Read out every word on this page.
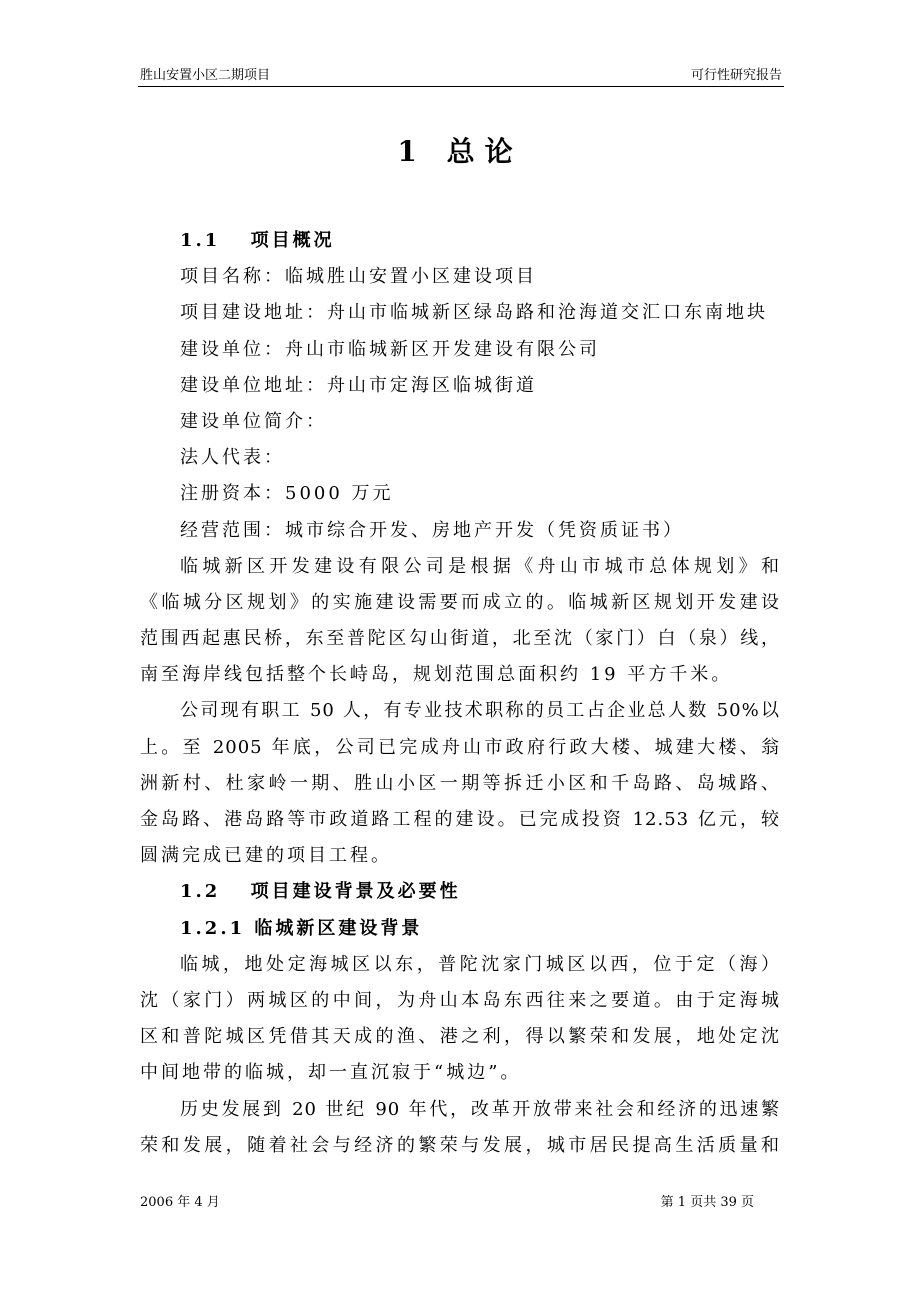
胜山安置小区二期项目	可行性研究报告
1 总论
1.1　 项目概况
项目名称：临城胜山安置小区建设项目
项目建设地址：舟山市临城新区绿岛路和沧海道交汇口东南地块
建设单位：舟山市临城新区开发建设有限公司
建设单位地址：舟山市定海区临城街道
建设单位简介：
法人代表：
注册资本：5000 万元
经营范围：城市综合开发、房地产开发（凭资质证书）
临城新区开发建设有限公司是根据《舟山市城市总体规划》和
《临城分区规划》的实施建设需要而成立的。临城新区规划开发建设
范围西起惠民桥，东至普陀区勾山街道，北至沈（家门）白（泉）线，
南至海岸线包括整个长峙岛，规划范围总面积约 19 平方千米。
公司现有职工 50 人，有专业技术职称的员工占企业总人数 50%以
上。至 2005 年底，公司已完成舟山市政府行政大楼、城建大楼、翁
洲新村、杜家岭一期、胜山小区一期等拆迁小区和千岛路、岛城路、
金岛路、港岛路等市政道路工程的建设。已完成投资 12.53 亿元，较
圆满完成已建的项目工程。
1.2　 项目建设背景及必要性
1.2.1 临城新区建设背景
临城，地处定海城区以东，普陀沈家门城区以西，位于定（海）
沈（家门）两城区的中间，为舟山本岛东西往来之要道。由于定海城
区和普陀城区凭借其天成的渔、港之利，得以繁荣和发展，地处定沈
中间地带的临城，却一直沉寂于“城边”。
历史发展到 20 世纪 90 年代，改革开放带来社会和经济的迅速繁
荣和发展，随着社会与经济的繁荣与发展，城市居民提高生活质量和
2006 年 4 月	第 1 页共 39 页
